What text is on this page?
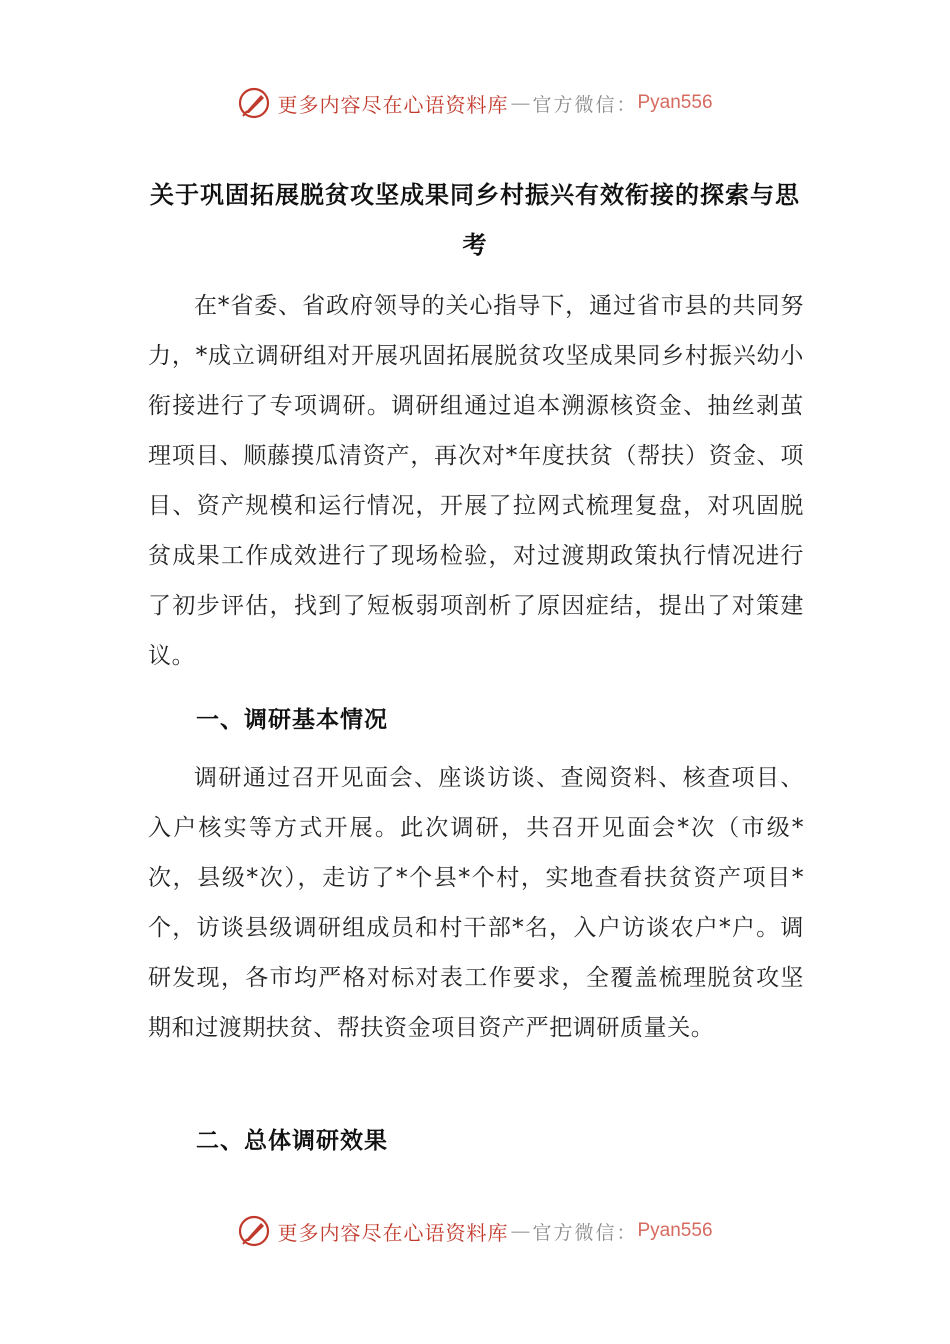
更多内容尽在心语资料库 — 官方微信： Pyan556
关于巩固拓展脱贫攻坚成果同乡村振兴有效衔接的探索与思考
在*省委、省政府领导的关心指导下，通过省市县的共同努力，*成立调研组对开展巩固拓展脱贫攻坚成果同乡村振兴幼小衔接进行了专项调研。调研组通过追本溯源核资金、抽丝剥茧理项目、顺藤摸瓜清资产，再次对*年度扶贫（帮扶）资金、项目、资产规模和运行情况，开展了拉网式梳理复盘，对巩固脱贫成果工作成效进行了现场检验，对过渡期政策执行情况进行了初步评估，找到了短板弱项剖析了原因症结，提出了对策建议。
一、调研基本情况
调研通过召开见面会、座谈访谈、查阅资料、核查项目、入户核实等方式开展。此次调研，共召开见面会*次（市级*次，县级*次），走访了*个县*个村，实地查看扶贫资产项目*个，访谈县级调研组成员和村干部*名，入户访谈农户*户。调研发现，各市均严格对标对表工作要求，全覆盖梳理脱贫攻坚期和过渡期扶贫、帮扶资金项目资产严把调研质量关。
二、总体调研效果
更多内容尽在心语资料库 — 官方微信： Pyan556
